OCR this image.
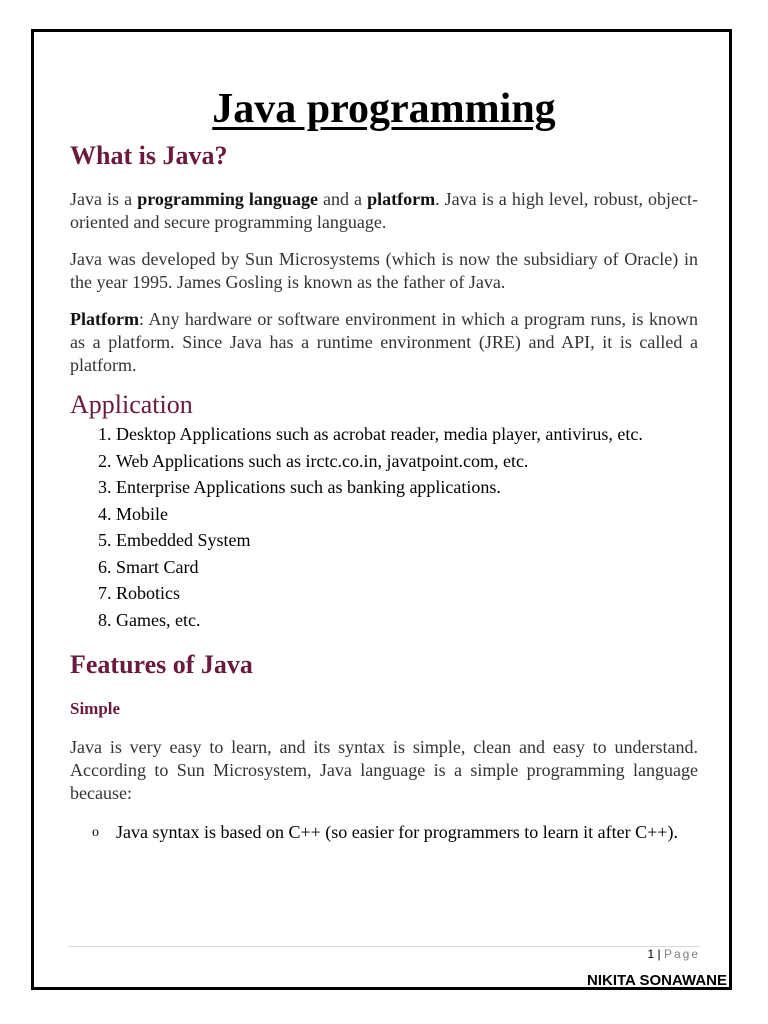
Java programming
What is Java?

Java is a programming language and a platform. Java is a high level, robust, object-oriented and secure programming language.

Java was developed by Sun Microsystems (which is now the subsidiary of Oracle) in the year 1995. James Gosling is known as the father of Java.

Platform: Any hardware or software environment in which a program runs, is known as a platform. Since Java has a runtime environment (JRE) and API, it is called a platform.

Application
1. Desktop Applications such as acrobat reader, media player, antivirus, etc.
2. Web Applications such as irctc.co.in, javatpoint.com, etc.
3. Enterprise Applications such as banking applications.
4. Mobile
5. Embedded System
6. Smart Card
7. Robotics
8. Games, etc.
Features of Java
Simple

Java is very easy to learn, and its syntax is simple, clean and easy to understand. According to Sun Microsystem, Java language is a simple programming language because:

o Java syntax is based on C++ (so easier for programmers to learn it after C++).
1 | Page
NIKITA SONAWANE
